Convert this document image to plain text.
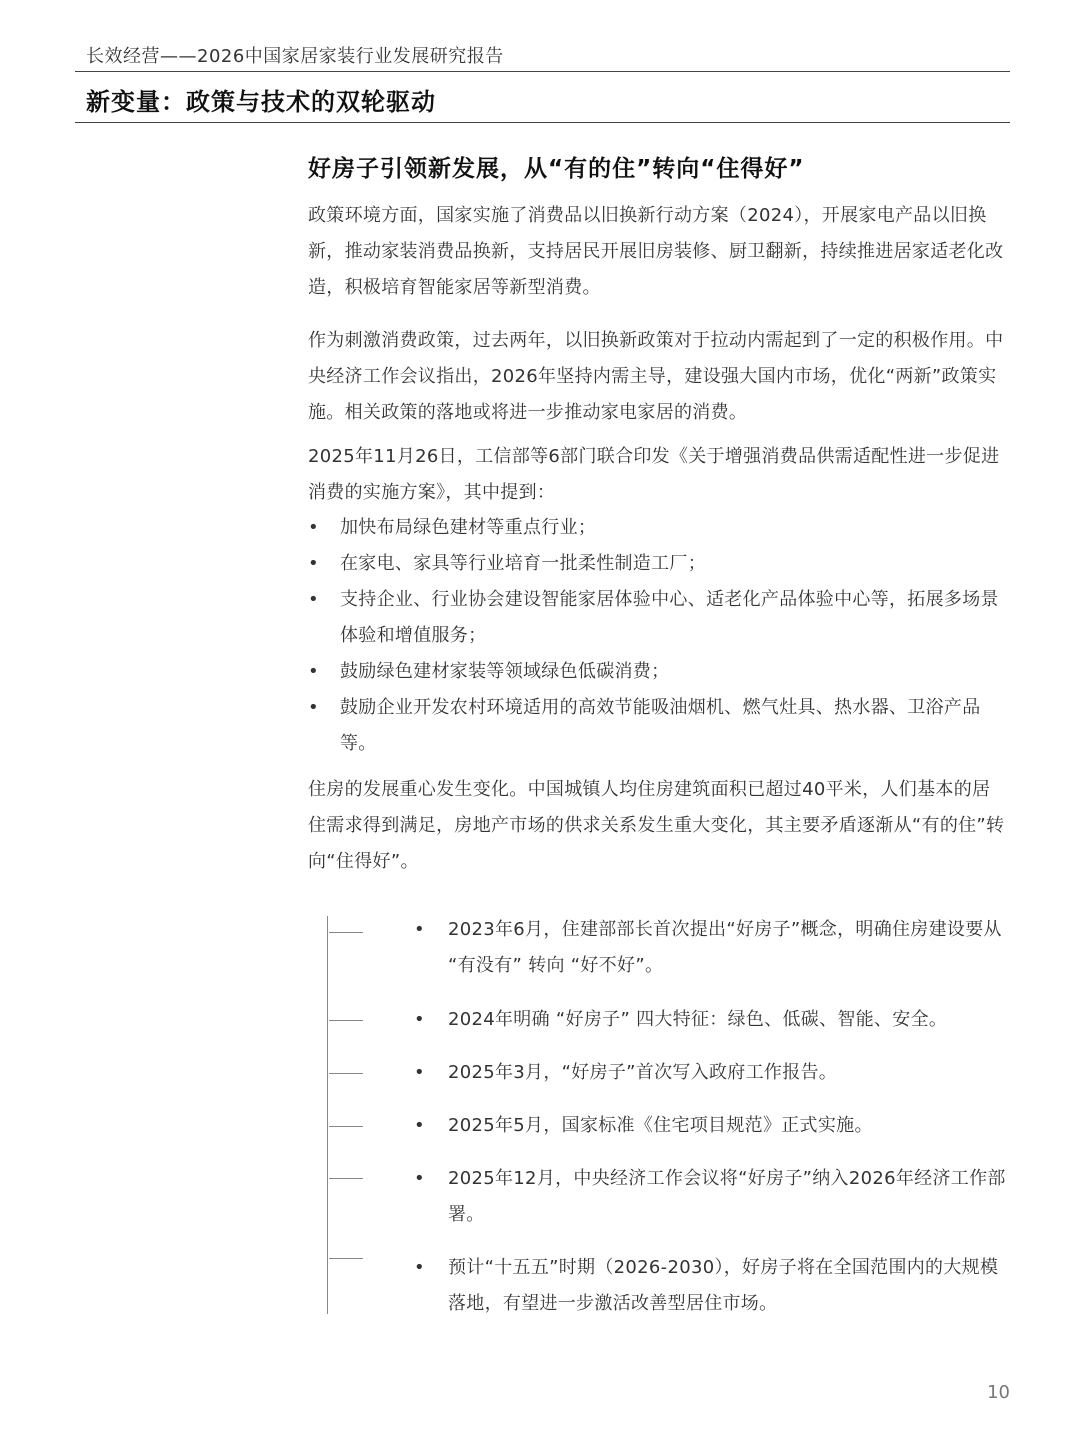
长效经营——2026中国家居家装行业发展研究报告
新变量：政策与技术的双轮驱动
好房子引领新发展，从“有的住”转向“住得好”
政策环境方面，国家实施了消费品以旧换新行动方案（2024），开展家电产品以旧换新，推动家装消费品换新，支持居民开展旧房装修、厨卫翻新，持续推进居家适老化改造，积极培育智能家居等新型消费。
作为刺激消费政策，过去两年，以旧换新政策对于拉动内需起到了一定的积极作用。中央经济工作会议指出，2026年坚持内需主导，建设强大国内市场，优化“两新”政策实施。相关政策的落地或将进一步推动家电家居的消费。
2025年11月26日，工信部等6部门联合印发《关于增强消费品供需适配性进一步促进消费的实施方案》，其中提到：
•	加快布局绿色建材等重点行业；
•	在家电、家具等行业培育一批柔性制造工厂；
•	支持企业、行业协会建设智能家居体验中心、适老化产品体验中心等，拓展多场景体验和增值服务；
•	鼓励绿色建材家装等领域绿色低碳消费；
•	鼓励企业开发农村环境适用的高效节能吸油烟机、燃气灶具、热水器、卫浴产品等。
住房的发展重心发生变化。中国城镇人均住房建筑面积已超过40平米，人们基本的居住需求得到满足，房地产市场的供求关系发生重大变化，其主要矛盾逐渐从“有的住”转向“住得好”。
• 2023年6月，住建部部长首次提出“好房子”概念，明确住房建设要从 “有没有” 转向 “好不好”。
• 2024年明确 “好房子” 四大特征：绿色、低碳、智能、安全。
• 2025年3月，“好房子”首次写入政府工作报告。
• 2025年5月，国家标准《住宅项目规范》正式实施。
• 2025年12月，中央经济工作会议将“好房子”纳入2026年经济工作部署。
• 预计“十五五”时期（2026-2030），好房子将在全国范围内的大规模落地，有望进一步激活改善型居住市场。
10
